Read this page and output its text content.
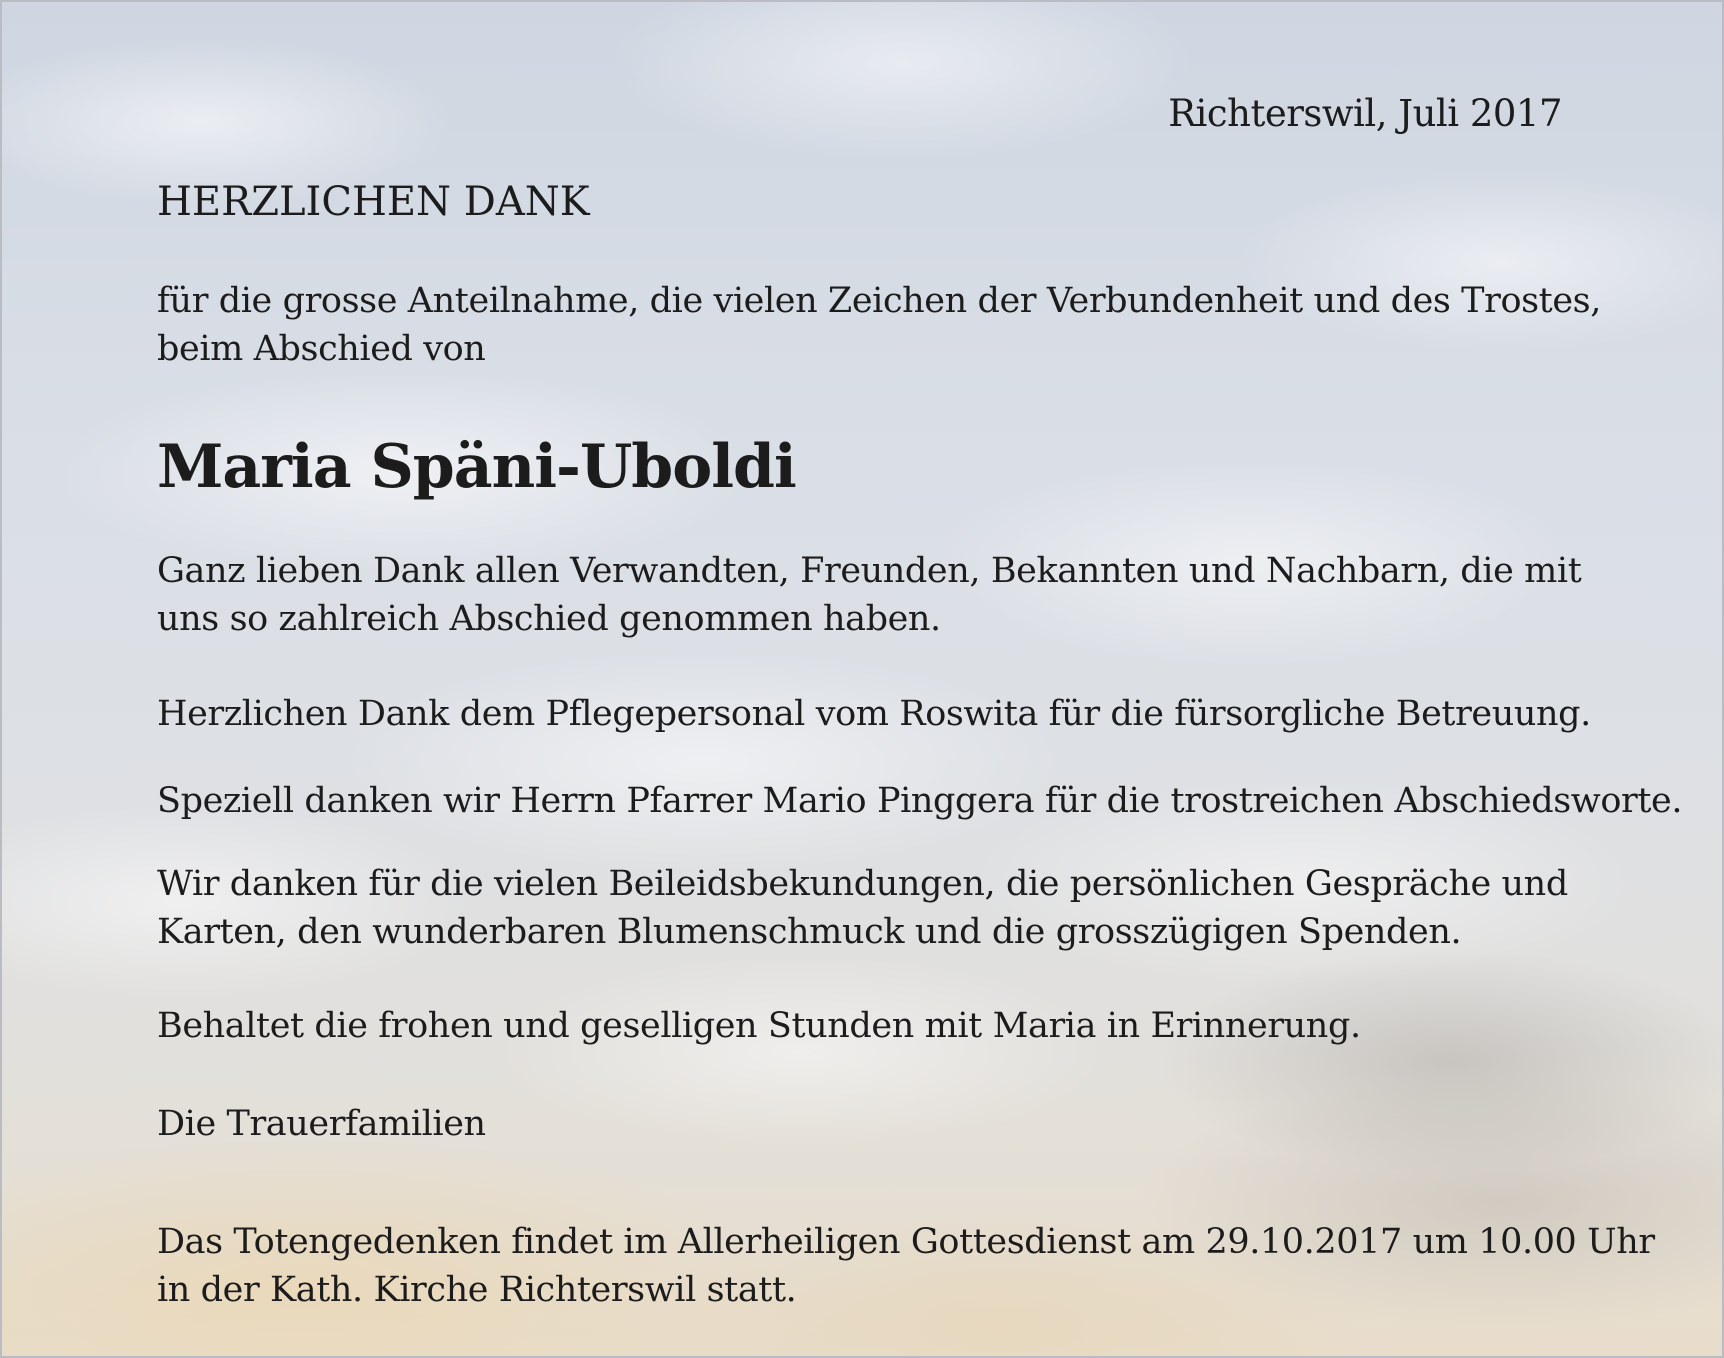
Richterswil, Juli 2017

HERZLICHEN DANK

für die grosse Anteilnahme, die vielen Zeichen der Verbundenheit und des Trostes,
beim Abschied von

Maria Späni-Uboldi

Ganz lieben Dank allen Verwandten, Freunden, Bekannten und Nachbarn, die mit
uns so zahlreich Abschied genommen haben.

Herzlichen Dank dem Pflegepersonal vom Roswita für die fürsorgliche Betreuung.

Speziell danken wir Herrn Pfarrer Mario Pinggera für die trostreichen Abschiedsworte.

Wir danken für die vielen Beileidsbekundungen, die persönlichen Gespräche und
Karten, den wunderbaren Blumenschmuck und die grosszügigen Spenden.

Behaltet die frohen und geselligen Stunden mit Maria in Erinnerung.

Die Trauerfamilien

Das Totengedenken findet im Allerheiligen Gottesdienst am 29.10.2017 um 10.00 Uhr
in der Kath. Kirche Richterswil statt.
